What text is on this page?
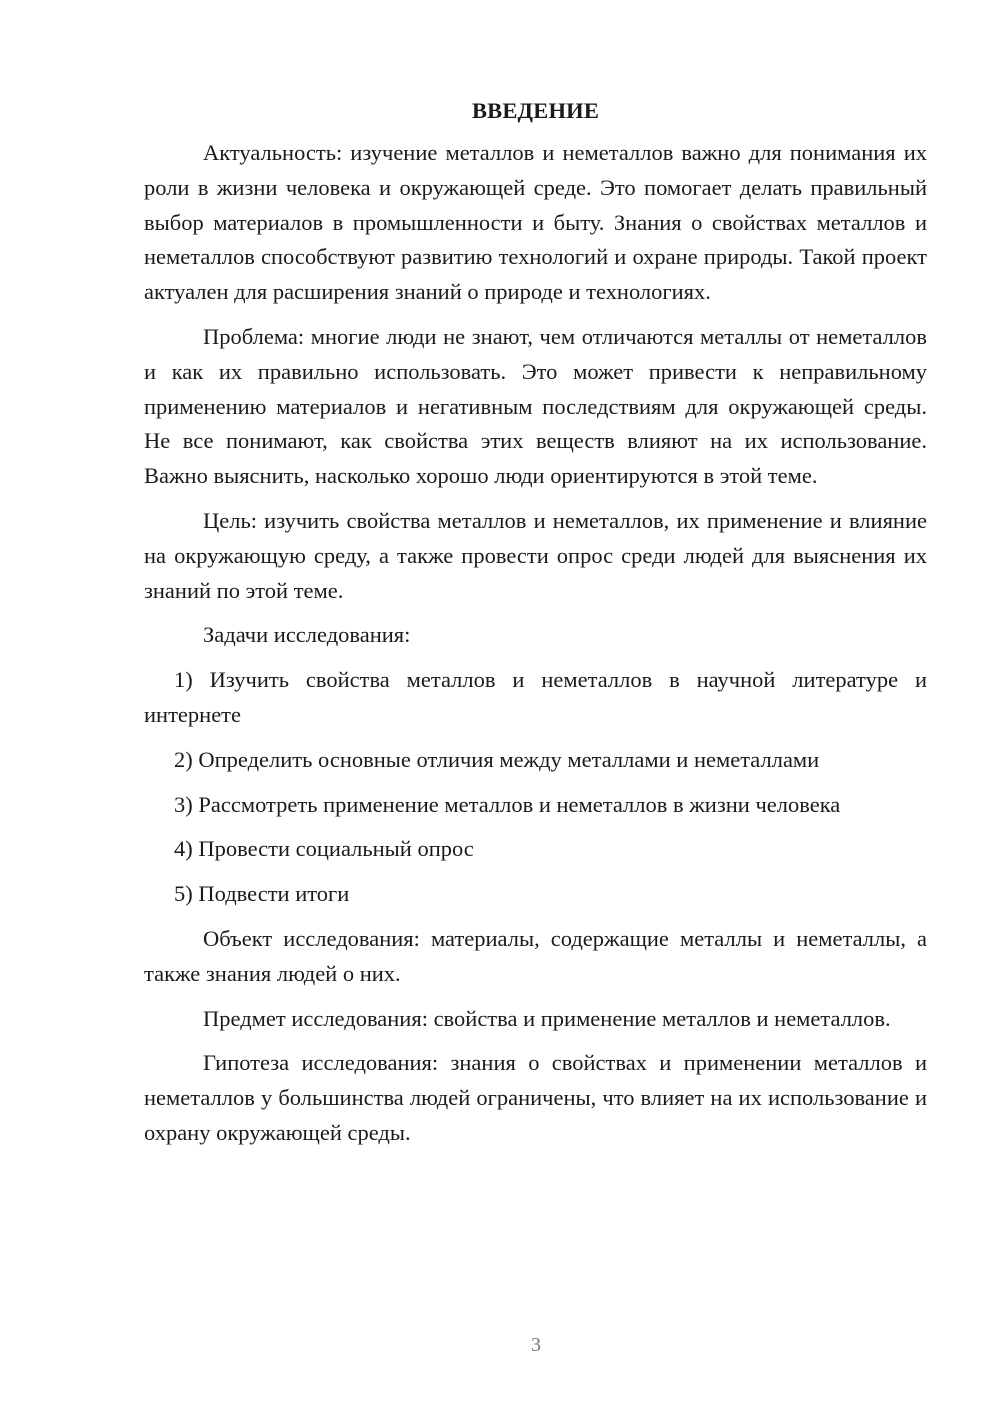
ВВЕДЕНИЕ

Актуальность: изучение металлов и неметаллов важно для понимания их роли в жизни человека и окружающей среде. Это помогает делать правильный выбор материалов в промышленности и быту. Знания о свойствах металлов и неметаллов способствуют развитию технологий и охране природы. Такой проект актуален для расширения знаний о природе и технологиях.

Проблема: многие люди не знают, чем отличаются металлы от неметаллов и как их правильно использовать. Это может привести к неправильному применению материалов и негативным последствиям для окружающей среды. Не все понимают, как свойства этих веществ влияют на их использование. Важно выяснить, насколько хорошо люди ориентируются в этой теме.

Цель: изучить свойства металлов и неметаллов, их применение и влияние на окружающую среду, а также провести опрос среди людей для выяснения их знаний по этой теме.

Задачи исследования:

1) Изучить свойства металлов и неметаллов в научной литературе и интернете

2) Определить основные отличия между металлами и неметаллами

3) Рассмотреть применение металлов и неметаллов в жизни человека

4) Провести социальный опрос

5) Подвести итоги

Объект исследования: материалы, содержащие металлы и неметаллы, а также знания людей о них.

Предмет исследования: свойства и применение металлов и неметаллов.

Гипотеза исследования: знания о свойствах и применении металлов и неметаллов у большинства людей ограничены, что влияет на их использование и охрану окружающей среды.

3
